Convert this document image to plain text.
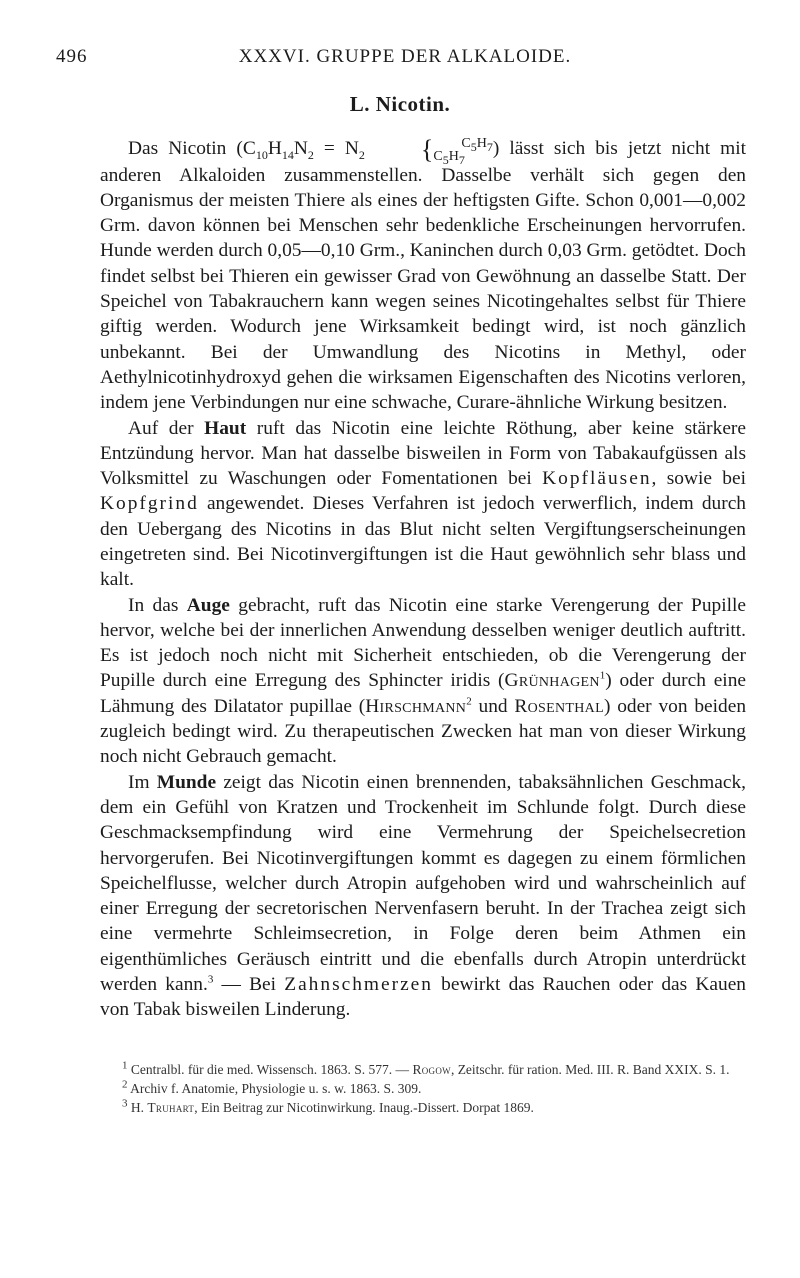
496	XXXVI. GRUPPE DER ALKALOIDE.
L. Nicotin.

Das Nicotin ($C_{10}H_{14}N_2 = N_2$ { $C_5H_7$
$C_5H_7$) lässt sich bis jetzt nicht mit anderen Alkaloiden zusammenstellen. Dasselbe verhält sich gegen den Organismus der meisten Thiere als eines der heftigsten Gifte. Schon 0,001—0,002 Grm. davon können bei Menschen sehr bedenkliche Erscheinungen hervorrufen. Hunde werden durch 0,05—0,10 Grm., Kaninchen durch 0,03 Grm. getödtet. Doch findet selbst bei Thieren ein gewisser Grad von Gewöhnung an dasselbe Statt. Der Speichel von Tabakrauchern kann wegen seines Nicotingehaltes selbst für Thiere giftig werden. Wodurch jene Wirksamkeit bedingt wird, ist noch gänzlich unbekannt. Bei der Umwandlung des Nicotins in Methyl, oder Aethylnicotinhydroxyd gehen die wirksamen Eigenschaften des Nicotins verloren, indem jene Verbindungen nur eine schwache, Curare-ähnliche Wirkung besitzen.

Auf der Haut ruft das Nicotin eine leichte Röthung, aber keine stärkere Entzündung hervor. Man hat dasselbe bisweilen in Form von Tabakaufgüssen als Volksmittel zu Waschungen oder Fomentationen bei Kopfläusen, sowie bei Kopfgrind angewendet. Dieses Verfahren ist jedoch verwerflich, indem durch den Uebergang des Nicotins in das Blut nicht selten Vergiftungserscheinungen eingetreten sind. Bei Nicotinvergiftungen ist die Haut gewöhnlich sehr blass und kalt.

In das Auge gebracht, ruft das Nicotin eine starke Verengerung der Pupille hervor, welche bei der innerlichen Anwendung desselben weniger deutlich auftritt. Es ist jedoch noch nicht mit Sicherheit entschieden, ob die Verengerung der Pupille durch eine Erregung des Sphincter iridis (Grünhagen$^1$) oder durch eine Lähmung des Dilatator pupillae (Hirschmann$^2$ und Rosenthal) oder von beiden zugleich bedingt wird. Zu therapeutischen Zwecken hat man von dieser Wirkung noch nicht Gebrauch gemacht.

Im Munde zeigt das Nicotin einen brennenden, tabaksähnlichen Geschmack, dem ein Gefühl von Kratzen und Trockenheit im Schlunde folgt. Durch diese Geschmacksempfindung wird eine Vermehrung der Speichelsecretion hervorgerufen. Bei Nicotinvergiftungen kommt es dagegen zu einem förmlichen Speichelflusse, welcher durch Atropin aufgehoben wird und wahrscheinlich auf einer Erregung der secretorischen Nervenfasern beruht. In der Trachea zeigt sich eine vermehrte Schleimsecretion, in Folge deren beim Athmen ein eigenthümliches Geräusch eintritt und die ebenfalls durch Atropin unterdrückt werden kann.$^3$ — Bei Zahnschmerzen bewirkt das Rauchen oder das Kauen von Tabak bisweilen Linderung.

$^1$ Centralbl. für die med. Wissensch. 1863. S. 577. — Rogow, Zeitschr. für ration. Med. III. R. Band XXIX. S. 1.

$^2$ Archiv f. Anatomie, Physiologie u. s. w. 1863. S. 309.

$^3$ H. Truhart, Ein Beitrag zur Nicotinwirkung. Inaug.-Dissert. Dorpat 1869.
